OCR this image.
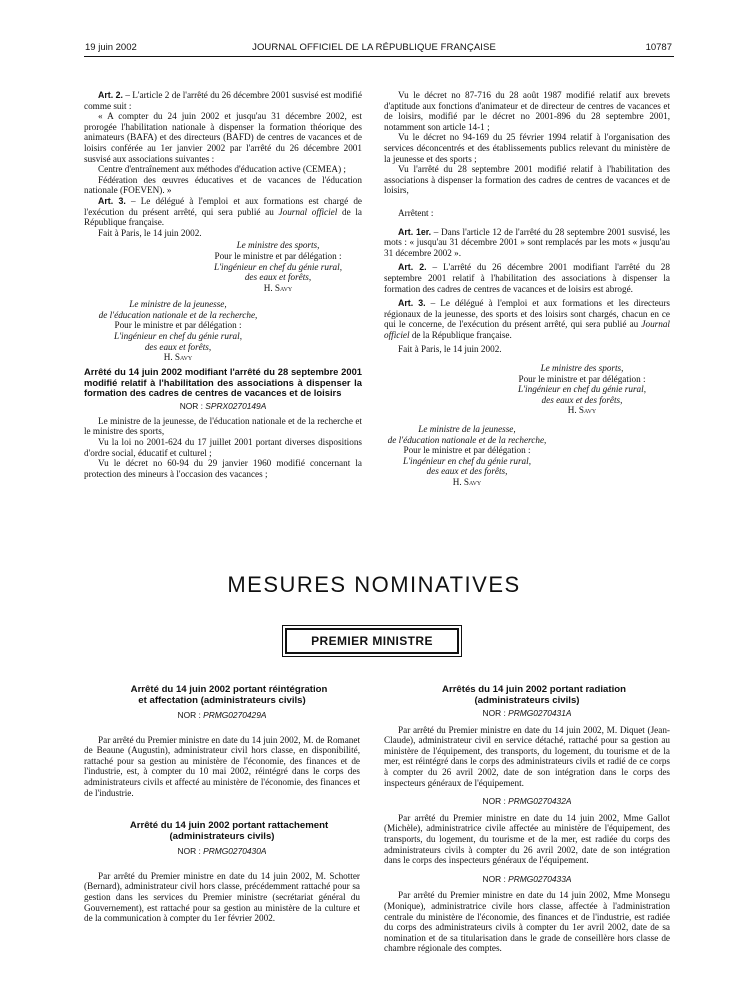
19 juin 2002	JOURNAL OFFICIEL DE LA RÉPUBLIQUE FRANÇAISE	10787

Art. 2. – L'article 2 de l'arrêté du 26 décembre 2001 susvisé est modifié comme suit :

« A compter du 24 juin 2002 et jusqu'au 31 décembre 2002, est prorogée l'habilitation nationale à dispenser la formation théorique des animateurs (BAFA) et des directeurs (BAFD) de centres de vacances et de loisirs conférée au 1er janvier 2002 par l'arrêté du 26 décembre 2001 susvisé aux associations suivantes :

Centre d'entraînement aux méthodes d'éducation active (CEMEA) ;

Fédération des œuvres éducatives et de vacances de l'éducation nationale (FOEVEN). »

Art. 3. – Le délégué à l'emploi et aux formations est chargé de l'exécution du présent arrêté, qui sera publié au Journal officiel de la République française.

Fait à Paris, le 14 juin 2002.

Le ministre des sports,

Pour le ministre et par délégation :

L'ingénieur en chef du génie rural,

des eaux et forêts,

H. Savy

Le ministre de la jeunesse,

de l'éducation nationale et de la recherche,

Pour le ministre et par délégation :

L'ingénieur en chef du génie rural,

des eaux et forêts,

H. Savy

Arrêté du 14 juin 2002 modifiant l'arrêté du 28 septembre 2001 modifié relatif à l'habilitation des associations à dispenser la formation des cadres de centres de vacances et de loisirs

NOR : SPRX0270149A

Le ministre de la jeunesse, de l'éducation nationale et de la recherche et le ministre des sports,

Vu la loi no 2001-624 du 17 juillet 2001 portant diverses dispositions d'ordre social, éducatif et culturel ;

Vu le décret no 60-94 du 29 janvier 1960 modifié concernant la protection des mineurs à l'occasion des vacances ;

Vu le décret no 87-716 du 28 août 1987 modifié relatif aux brevets d'aptitude aux fonctions d'animateur et de directeur de centres de vacances et de loisirs, modifié par le décret no 2001-896 du 28 septembre 2001, notamment son article 14-1 ;

Vu le décret no 94-169 du 25 février 1994 relatif à l'organisation des services déconcentrés et des établissements publics relevant du ministère de la jeunesse et des sports ;

Vu l'arrêté du 28 septembre 2001 modifié relatif à l'habilitation des associations à dispenser la formation des cadres de centres de vacances et de loisirs,

Arrêtent :

Art. 1er. – Dans l'article 12 de l'arrêté du 28 septembre 2001 susvisé, les mots : « jusqu'au 31 décembre 2001 » sont remplacés par les mots « jusqu'au 31 décembre 2002 ».

Art. 2. – L'arrêté du 26 décembre 2001 modifiant l'arrêté du 28 septembre 2001 relatif à l'habilitation des associations à dispenser la formation des cadres de centres de vacances et de loisirs est abrogé.

Art. 3. – Le délégué à l'emploi et aux formations et les directeurs régionaux de la jeunesse, des sports et des loisirs sont chargés, chacun en ce qui le concerne, de l'exécution du présent arrêté, qui sera publié au Journal officiel de la République française.

Fait à Paris, le 14 juin 2002.

Le ministre des sports,

Pour le ministre et par délégation :

L'ingénieur en chef du génie rural,

des eaux et des forêts,

H. Savy

Le ministre de la jeunesse,

de l'éducation nationale et de la recherche,

Pour le ministre et par délégation :

L'ingénieur en chef du génie rural,

des eaux et des forêts,

H. Savy

MESURES NOMINATIVES
PREMIER MINISTRE

Arrêté du 14 juin 2002 portant réintégration et affectation (administrateurs civils)

NOR : PRMG0270429A

Par arrêté du Premier ministre en date du 14 juin 2002, M. de Romanet de Beaune (Augustin), administrateur civil hors classe, en disponibilité, rattaché pour sa gestion au ministère de l'économie, des finances et de l'industrie, est, à compter du 10 mai 2002, réintégré dans le corps des administrateurs civils et affecté au ministère de l'économie, des finances et de l'industrie.

Arrêté du 14 juin 2002 portant rattachement (administrateurs civils)

NOR : PRMG0270430A

Par arrêté du Premier ministre en date du 14 juin 2002, M. Schotter (Bernard), administrateur civil hors classe, précédemment rattaché pour sa gestion dans les services du Premier ministre (secrétariat général du Gouvernement), est rattaché pour sa gestion au ministère de la culture et de la communication à compter du 1er février 2002.

Arrêtés du 14 juin 2002 portant radiation (administrateurs civils)

NOR : PRMG0270431A

Par arrêté du Premier ministre en date du 14 juin 2002, M. Diquet (Jean-Claude), administrateur civil en service détaché, rattaché pour sa gestion au ministère de l'équipement, des transports, du logement, du tourisme et de la mer, est réintégré dans le corps des administrateurs civils et radié de ce corps à compter du 26 avril 2002, date de son intégration dans le corps des inspecteurs généraux de l'équipement.

NOR : PRMG0270432A

Par arrêté du Premier ministre en date du 14 juin 2002, Mme Gallot (Michèle), administratrice civile affectée au ministère de l'équipement, des transports, du logement, du tourisme et de la mer, est radiée du corps des administrateurs civils à compter du 26 avril 2002, date de son intégration dans le corps des inspecteurs généraux de l'équipement.

NOR : PRMG0270433A

Par arrêté du Premier ministre en date du 14 juin 2002, Mme Monsegu (Monique), administratrice civile hors classe, affectée à l'administration centrale du ministère de l'économie, des finances et de l'industrie, est radiée du corps des administrateurs civils à compter du 1er avril 2002, date de sa nomination et de sa titularisation dans le grade de conseillère hors classe de chambre régionale des comptes.
